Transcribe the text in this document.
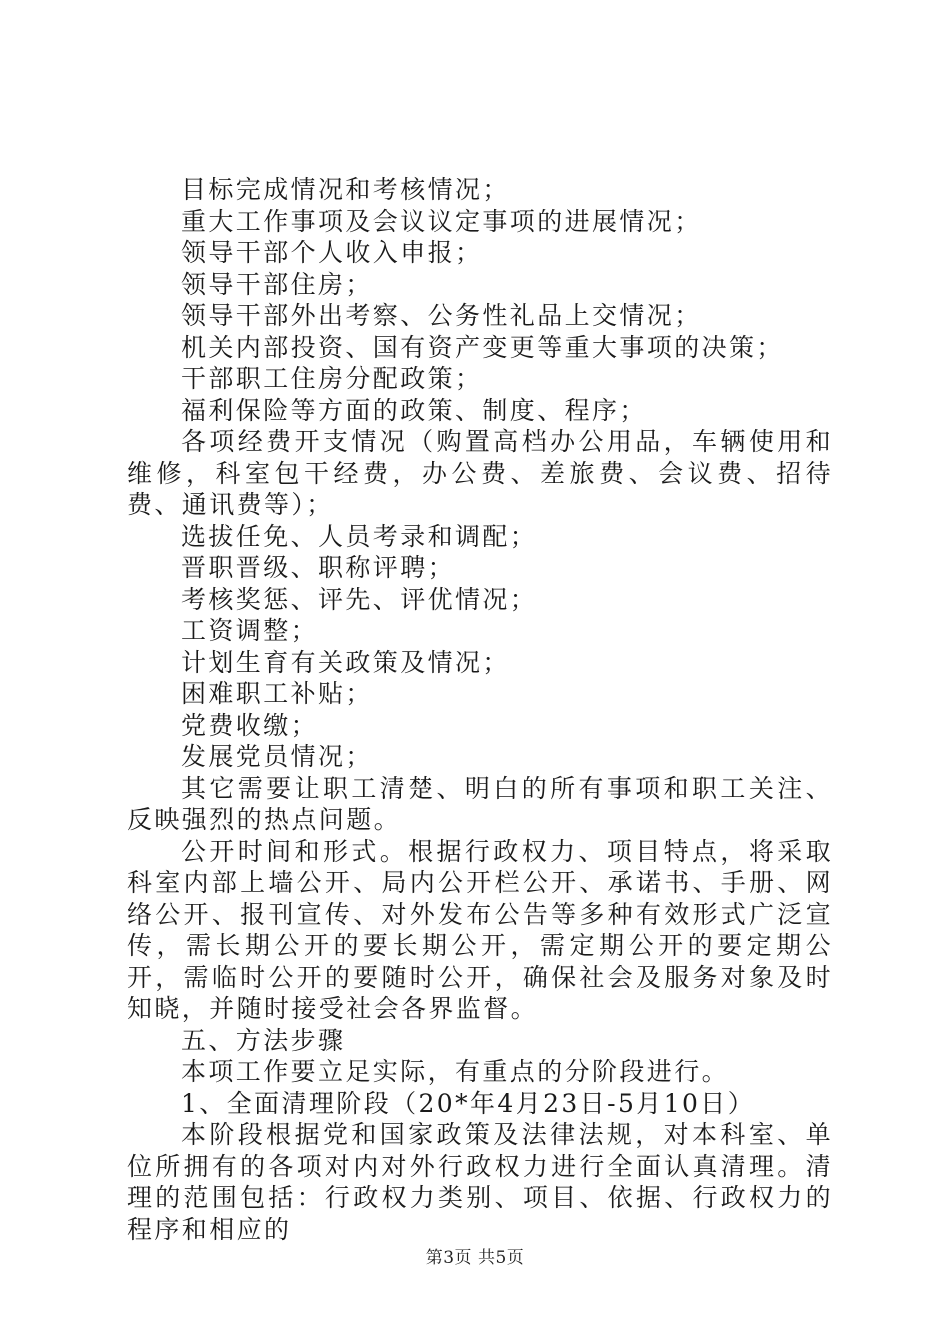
目标完成情况和考核情况；

重大工作事项及会议议定事项的进展情况；

领导干部个人收入申报；

领导干部住房；

领导干部外出考察、公务性礼品上交情况；

机关内部投资、国有资产变更等重大事项的决策；

干部职工住房分配政策；

福利保险等方面的政策、制度、程序；

各项经费开支情况（购置高档办公用品，车辆使用和维修，科室包干经费，办公费、差旅费、会议费、招待费、通讯费等）；

选拔任免、人员考录和调配；

晋职晋级、职称评聘；

考核奖惩、评先、评优情况；

工资调整；

计划生育有关政策及情况；

困难职工补贴；

党费收缴；

发展党员情况；

其它需要让职工清楚、明白的所有事项和职工关注、反映强烈的热点问题。

公开时间和形式。根据行政权力、项目特点，将采取科室内部上墙公开、局内公开栏公开、承诺书、手册、网络公开、报刊宣传、对外发布公告等多种有效形式广泛宣传，需长期公开的要长期公开，需定期公开的要定期公开，需临时公开的要随时公开，确保社会及服务对象及时知晓，并随时接受社会各界监督。

五、方法步骤

本项工作要立足实际，有重点的分阶段进行。

1、全面清理阶段（20*年4月23日-5月10日）

本阶段根据党和国家政策及法律法规，对本科室、单位所拥有的各项对内对外行政权力进行全面认真清理。清理的范围包括：行政权力类别、项目、依据、行政权力的程序和相应的

第3页 共5页
